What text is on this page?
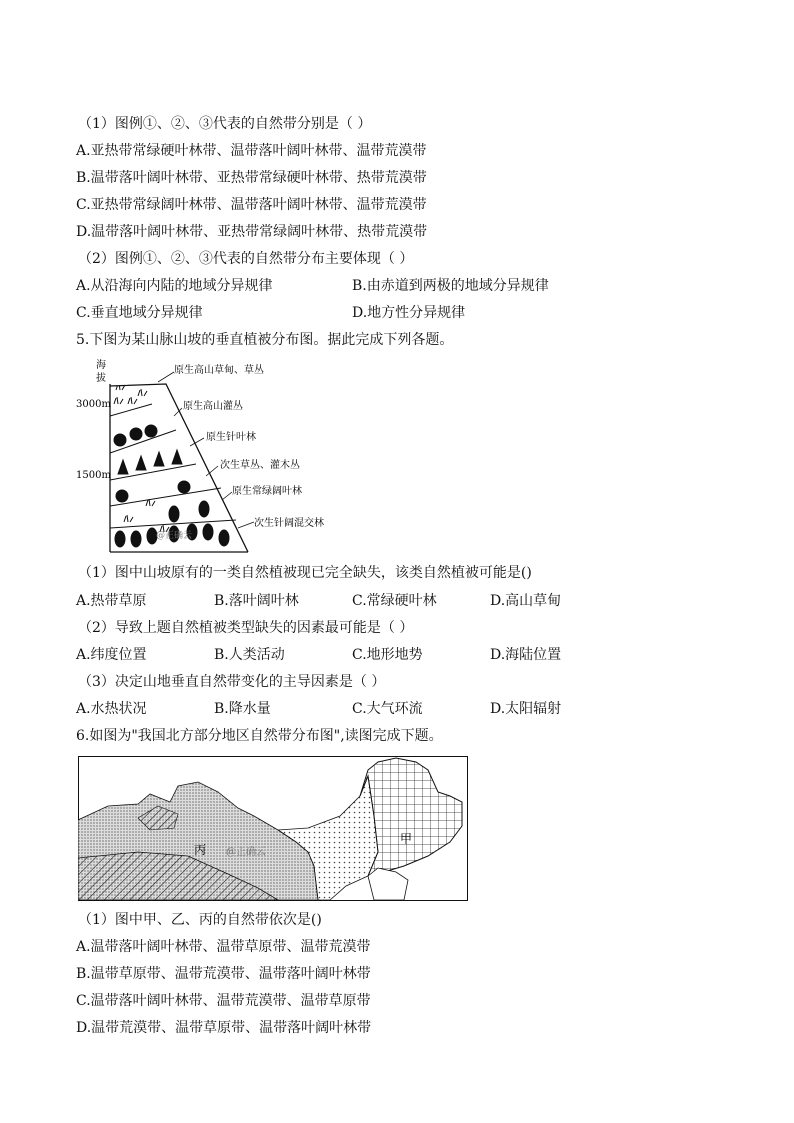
（1）图例①、②、③代表的自然带分别是（ ）
A.亚热带常绿硬叶林带、温带落叶阔叶林带、温带荒漠带
B.温带落叶阔叶林带、亚热带常绿硬叶林带、热带荒漠带
C.亚热带常绿阔叶林带、温带落叶阔叶林带、温带荒漠带
D.温带落叶阔叶林带、亚热带常绿阔叶林带、热带荒漠带
（2）图例①、②、③代表的自然带分布主要体现（ ）
A.从沿海向内陆的地域分异规律	B.由赤道到两极的地域分异规律
C.垂直地域分异规律	D.地方性分异规律
5.下图为某山脉山坡的垂直植被分布图。据此完成下列各题。
海
拔
3000m
1500m
原生高山草甸、草丛
原生高山灌丛
原生针叶林
次生草丛、灌木丛
原生常绿阔叶林
次生针阔混交林
@正确云
（1）图中山坡原有的一类自然植被现已完全缺失，该类自然植被可能是()
A.热带草原	B.落叶阔叶林	C.常绿硬叶林	D.高山草甸
（2）导致上题自然植被类型缺失的因素最可能是（ ）
A.纬度位置	B.人类活动	C.地形地势	D.海陆位置
（3）决定山地垂直自然带变化的主导因素是（ ）
A.水热状况	B.降水量	C.大气环流	D.太阳辐射
6.如图为"我国北方部分地区自然带分布图",读图完成下题。
甲
丙 @正确云
（1）图中甲、乙、丙的自然带依次是()
A.温带落叶阔叶林带、温带草原带、温带荒漠带
B.温带草原带、温带荒漠带、温带落叶阔叶林带
C.温带落叶阔叶林带、温带荒漠带、温带草原带
D.温带荒漠带、温带草原带、温带落叶阔叶林带
